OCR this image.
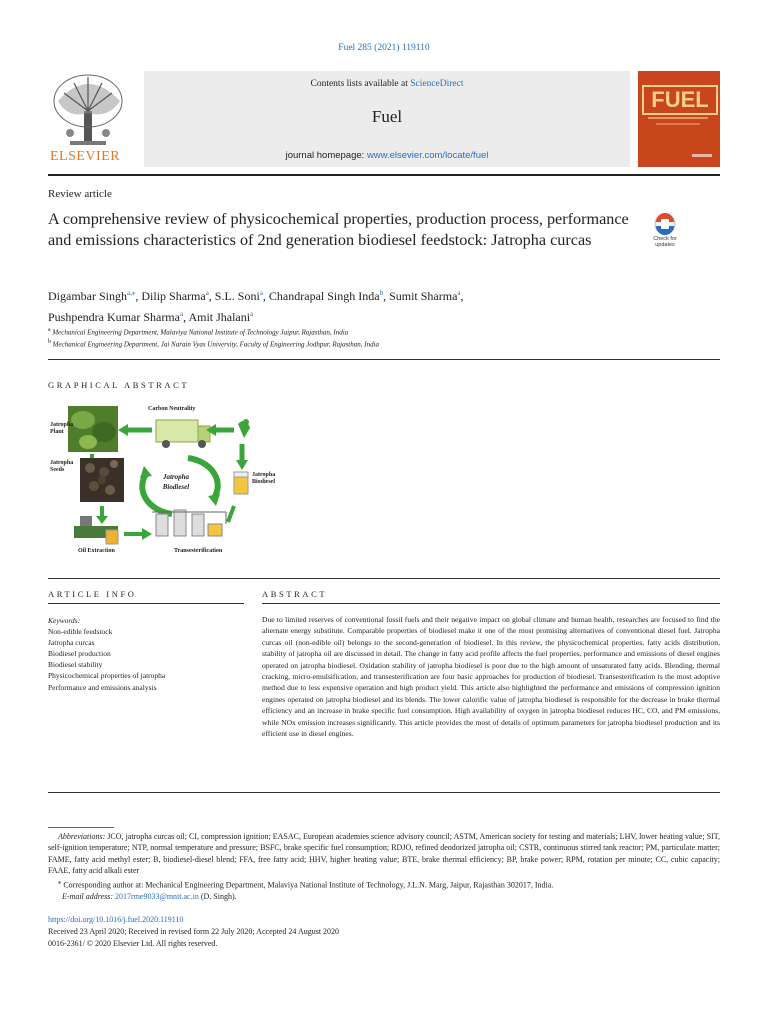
Fuel 285 (2021) 119110
ELSEVIER
Contents lists available at ScienceDirect
Fuel
journal homepage: www.elsevier.com/locate/fuel
FUEL
Review article
A comprehensive review of physicochemical properties, production process, performance and emissions characteristics of 2nd generation biodiesel feedstock: Jatropha curcas	Check for updates
Digambar Singh$^{a,⁎}$, Dilip Sharma$^a$, S.L. Soni$^a$, Chandrapal Singh Inda$^b$, Sumit Sharma$^a$,
Pushpendra Kumar Sharma$^a$, Amit Jhalani$^a$
$^a$ Mechanical Engineering Department, Malaviya National Institute of Technology Jaipur, Rajasthan, India
$^b$ Mechanical Engineering Department, Jai Narain Vyas University, Faculty of Engineering Jodhpur, Rajasthan, India
GRAPHICAL ABSTRACT
Carbon Neutrality
Jatropha Plant
Jatropha Seeds
Jatropha Biodiesel
Jatropha Biodiesel
Oil Extraction	Transesterification
ARTICLE INFO
Keywords:
Non-edible feedstock
Jatropha curcas
Biodiesel production
Biodiesel stability
Physicochemical properties of jatropha
Performance and emissions analysis
ABSTRACT
Due to limited reserves of conventional fossil fuels and their negative impact on global climate and human health, researches are focused to find the alternate energy substitute. Comparable properties of biodiesel make it one of the most promising alternatives of conventional diesel fuel. Jatropha curcas oil (non-edible oil) belongs to the second-generation of biodiesel. In this review, the physicochemical properties, fatty acids distribution, stability of jatropha oil are discussed in detail. The change in fatty acid profile affects the fuel properties, performance and emissions of diesel engines operated on jatropha biodiesel. Oxidation stability of jatropha biodiesel is poor due to the high amount of unsaturated fatty acids. Blending, thermal cracking, micro-emulsification, and transesterification are four basic approaches for production of biodiesel. Transesterification is the most adoptive method due to less expensive operation and high product yield. This article also highlighted the performance and emissions of compression ignition engines operated on jatropha biodiesel and its blends. The lower calorific value of jatropha biodiesel is responsible for the decrease in brake thermal efficiency and an increase in brake specific fuel consumption. High availability of oxygen in jatropha biodiesel reduces HC, CO, and PM emissions, while NOx emission increases significantly. This article provides the most of details of optimum parameters for jatropha biodiesel production and its efficient use in diesel engines.
Abbreviations: JCO, jatropha curcas oil; CI, compression ignition; EASAC, European academies science advisory council; ASTM, American society for testing and materials; LHV, lower heating value; SIT, self-ignition temperature; NTP, normal temperature and pressure; BSFC, brake specific fuel consumption; RDJO, refined deodorized jatropha oil; CSTR, continuous stirred tank reactor; PM, particulate matter; FAME, fatty acid methyl ester; B, biodiesel-diesel blend; FFA, free fatty acid; HHV, higher heating value; BTE, brake thermal efficiency; BP, brake power; RPM, rotation per minute; CC, cubic capacity; FAAE, fatty acid alkali ester
⁎ Corresponding author at: Mechanical Engineering Department, Malaviya National Institute of Technology, J.L.N. Marg, Jaipur, Rajasthan 302017, India.
E-mail address: 2017rme9033@mnit.ac.in (D. Singh).
https://doi.org/10.1016/j.fuel.2020.119110
Received 23 April 2020; Received in revised form 22 July 2020; Accepted 24 August 2020
0016-2361/ © 2020 Elsevier Ltd. All rights reserved.
